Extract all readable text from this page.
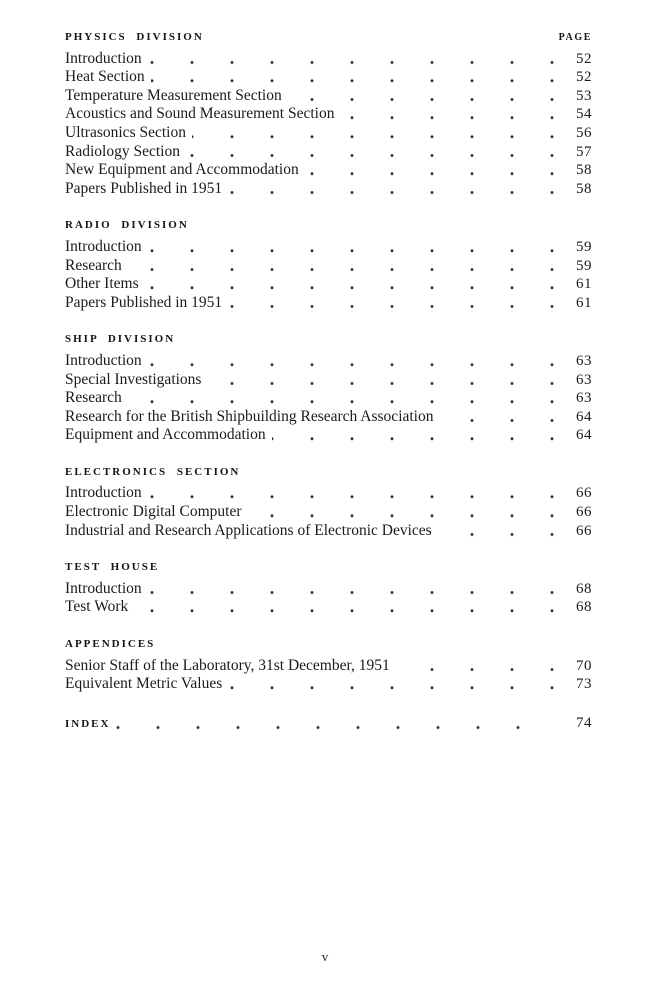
PHYSICS DIVISION	PAGE
Introduction	52
Heat Section	52
Temperature Measurement Section	53
Acoustics and Sound Measurement Section	54
Ultrasonics Section	56
Radiology Section	57
New Equipment and Accommodation	58
Papers Published in 1951	58
RADIO DIVISION
Introduction	59
Research	59
Other Items	61
Papers Published in 1951	61
SHIP DIVISION
Introduction	63
Special Investigations	63
Research	63
Research for the British Shipbuilding Research Association	64
Equipment and Accommodation	64
ELECTRONICS SECTION
Introduction	66
Electronic Digital Computer	66
Industrial and Research Applications of Electronic Devices	66
TEST HOUSE
Introduction	68
Test Work	68
APPENDICES
Senior Staff of the Laboratory, 31st December, 1951	70
Equivalent Metric Values	73
INDEX	74
v
